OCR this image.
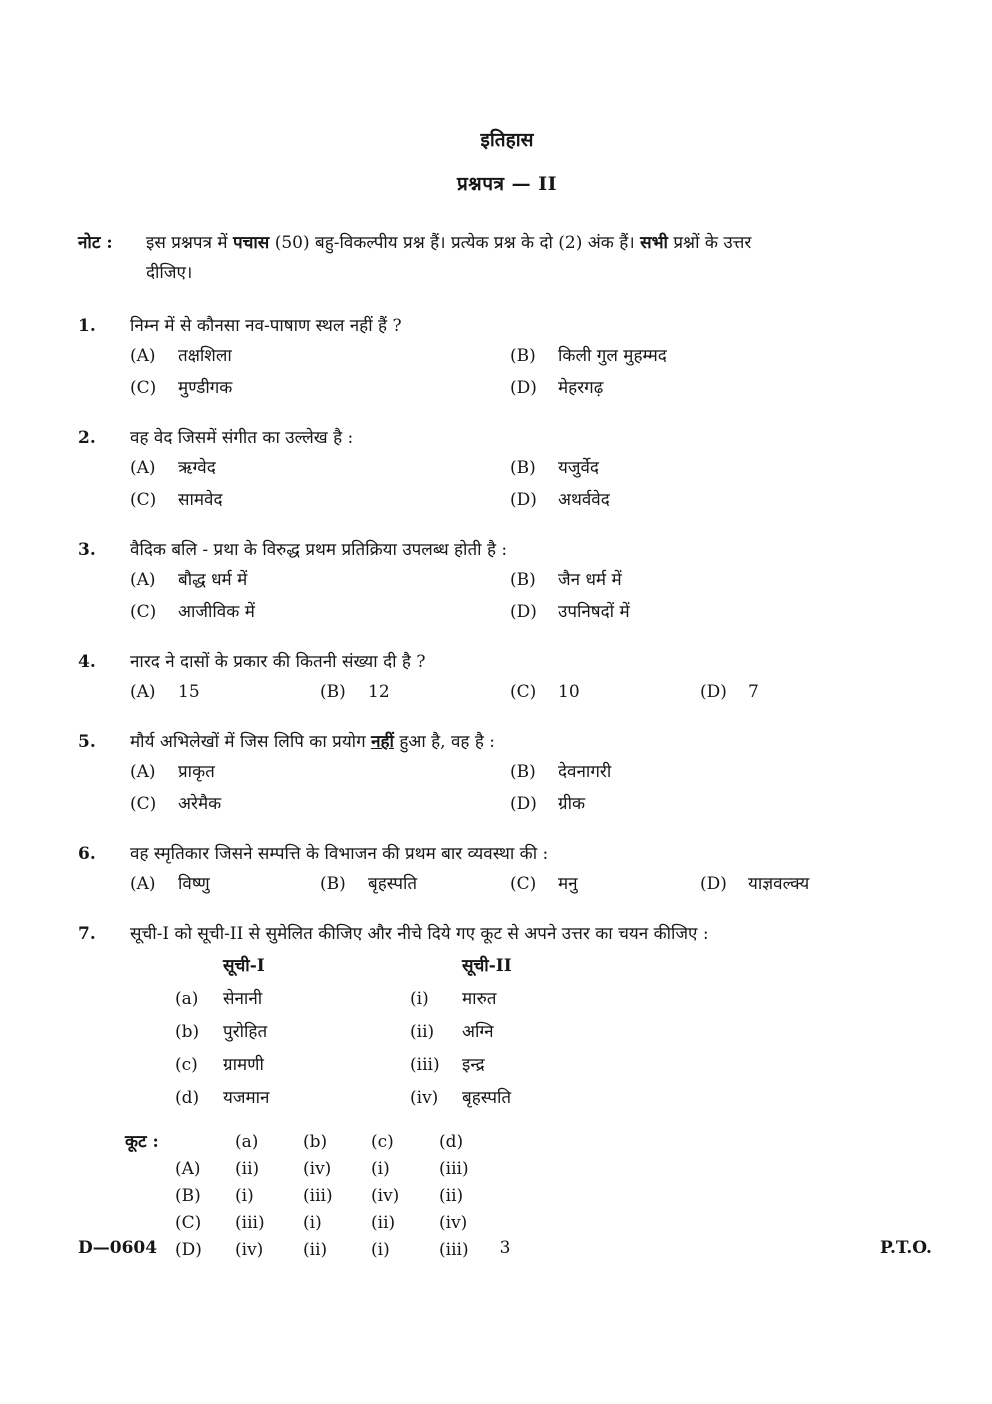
इतिहास
प्रश्नपत्र — II
नोट :	इस प्रश्नपत्र में पचास (50) बहु-विकल्पीय प्रश्न हैं। प्रत्येक प्रश्न के दो (2) अंक हैं। सभी प्रश्नों के उत्तर
दीजिए।
1.	निम्न में से कौनसा नव-पाषाण स्थल नहीं हैं ?
(A)	तक्षशिला	(B)	किली गुल मुहम्मद
(C)	मुण्डीगक	(D)	मेहरगढ़
2.	वह वेद जिसमें संगीत का उल्लेख है :
(A)	ऋग्वेद	(B)	यजुर्वेद
(C)	सामवेद	(D)	अथर्ववेद
3.	वैदिक बलि - प्रथा के विरुद्ध प्रथम प्रतिक्रिया उपलब्ध होती है :
(A)	बौद्ध धर्म में	(B)	जैन धर्म में
(C)	आजीविक में	(D)	उपनिषदों में
4.	नारद ने दासों के प्रकार की कितनी संख्या दी है ?
(A)	15	(B)	12	(C)	10	(D)	7
5.	मौर्य अभिलेखों में जिस लिपि का प्रयोग नहीं हुआ है, वह है :
(A)	प्राकृत	(B)	देवनागरी
(C)	अरेमैक	(D)	ग्रीक
6.	वह स्मृतिकार जिसने सम्पत्ति के विभाजन की प्रथम बार व्यवस्था की :
(A)	विष्णु	(B)	बृहस्पति	(C)	मनु	(D)	याज्ञवल्क्य
7.	सूची-I को सूची-II से सुमेलित कीजिए और नीचे दिये गए कूट से अपने उत्तर का चयन कीजिए :
सूची-I	सूची-II
(a)	सेनानी	(i)	मारुत
(b)	पुरोहित	(ii)	अग्नि
(c)	ग्रामणी	(iii)	इन्द्र
(d)	यजमान	(iv)	बृहस्पति
कूट :	(a)	(b)	(c)	(d)
(A)	(ii)	(iv)	(i)	(iii)
(B)	(i)	(iii)	(iv)	(ii)
(C)	(iii)	(i)	(ii)	(iv)
(D)	(iv)	(ii)	(i)	(iii)
D—0604	3	P.T.O.
